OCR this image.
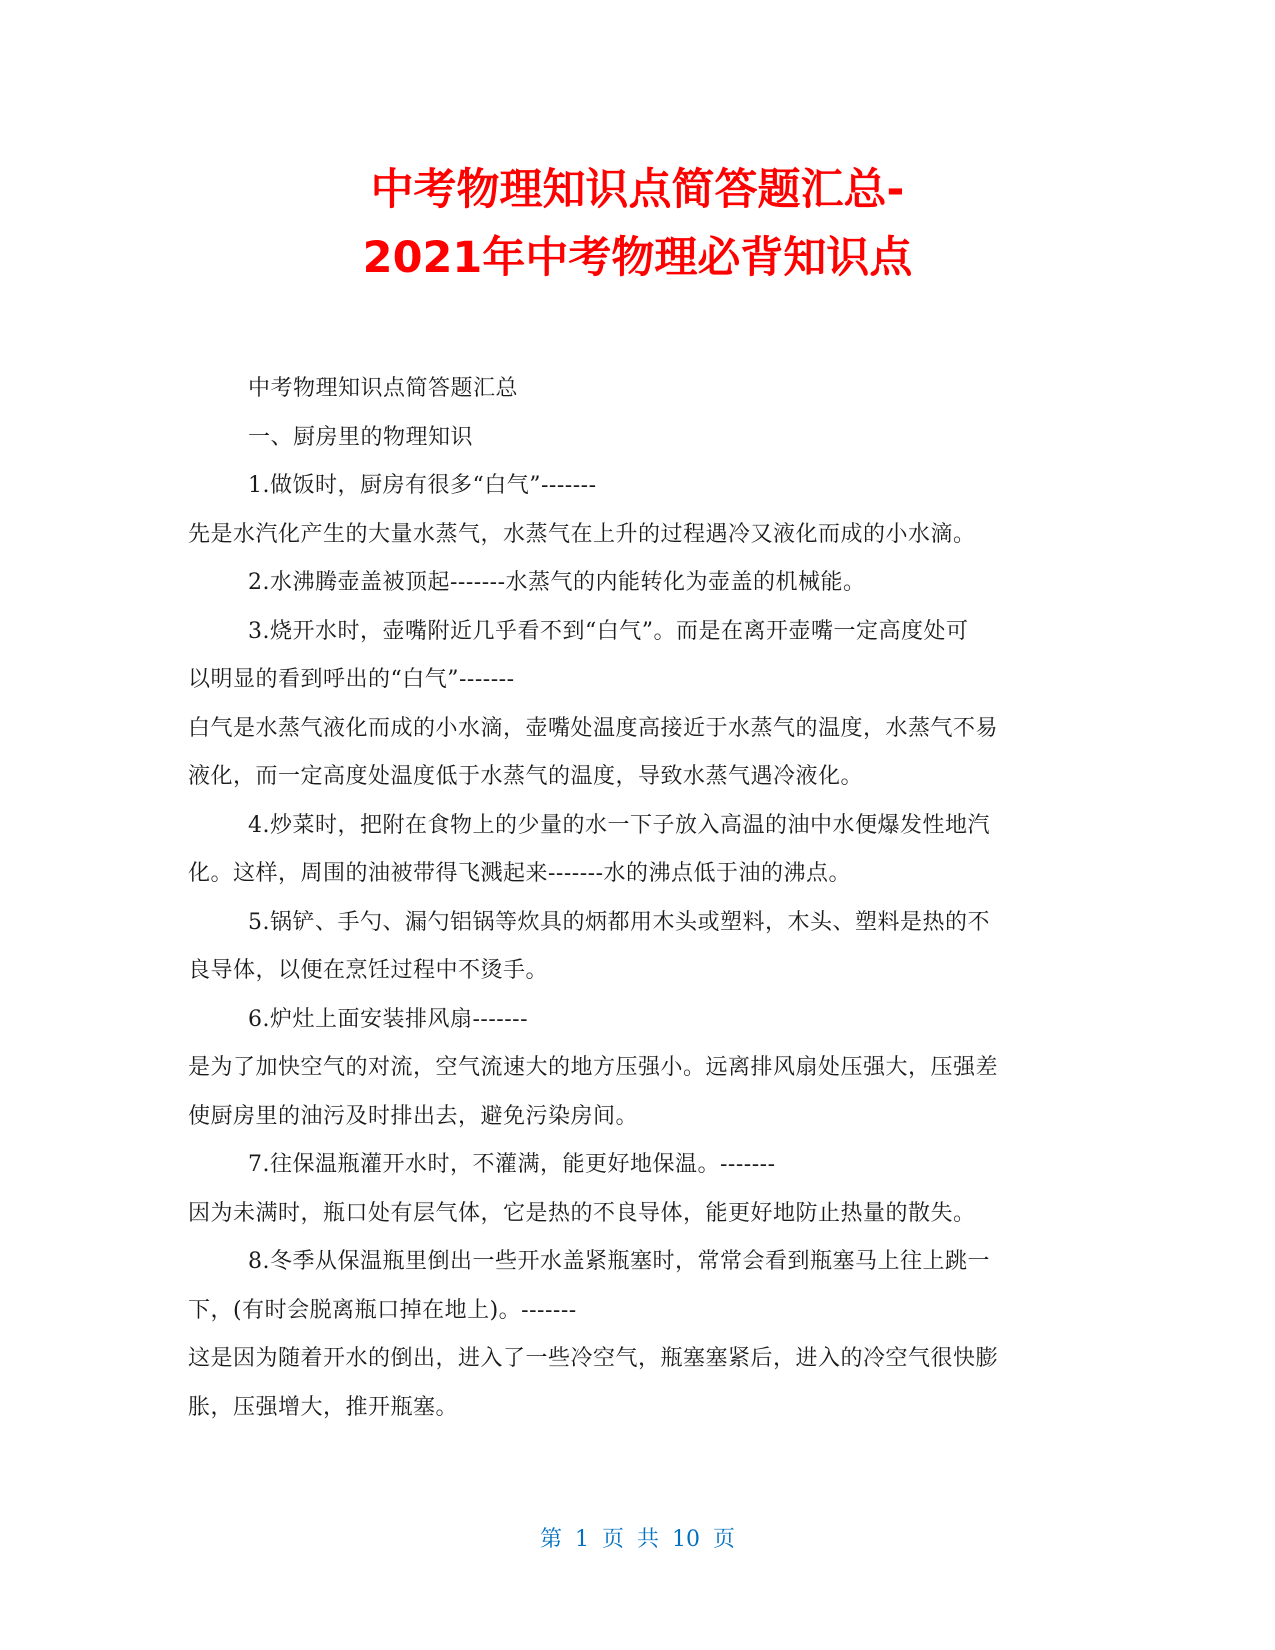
中考物理知识点简答题汇总-
2021年中考物理必背知识点

中考物理知识点简答题汇总

一、厨房里的物理知识

1.做饭时，厨房有很多“白气”-------

先是水汽化产生的大量水蒸气，水蒸气在上升的过程遇冷又液化而成的小水滴。

2.水沸腾壶盖被顶起-------水蒸气的内能转化为壶盖的机械能。

3.烧开水时，壶嘴附近几乎看不到“白气”。而是在离开壶嘴一定高度处可

以明显的看到呼出的“白气”-------

白气是水蒸气液化而成的小水滴，壶嘴处温度高接近于水蒸气的温度，水蒸气不易

液化，而一定高度处温度低于水蒸气的温度，导致水蒸气遇冷液化。

4.炒菜时，把附在食物上的少量的水一下子放入高温的油中水便爆发性地汽

化。这样，周围的油被带得飞溅起来-------水的沸点低于油的沸点。

5.锅铲、手勺、漏勺铝锅等炊具的炳都用木头或塑料，木头、塑料是热的不

良导体，以便在烹饪过程中不烫手。

6.炉灶上面安装排风扇-------

是为了加快空气的对流，空气流速大的地方压强小。远离排风扇处压强大，压强差

使厨房里的油污及时排出去，避免污染房间。

7.往保温瓶灌开水时，不灌满，能更好地保温。-------

因为未满时，瓶口处有层气体，它是热的不良导体，能更好地防止热量的散失。

8.冬季从保温瓶里倒出一些开水盖紧瓶塞时，常常会看到瓶塞马上往上跳一

下，(有时会脱离瓶口掉在地上)。-------

这是因为随着开水的倒出，进入了一些冷空气，瓶塞塞紧后，进入的冷空气很快膨

胀，压强增大，推开瓶塞。

第 1 页 共 10 页
